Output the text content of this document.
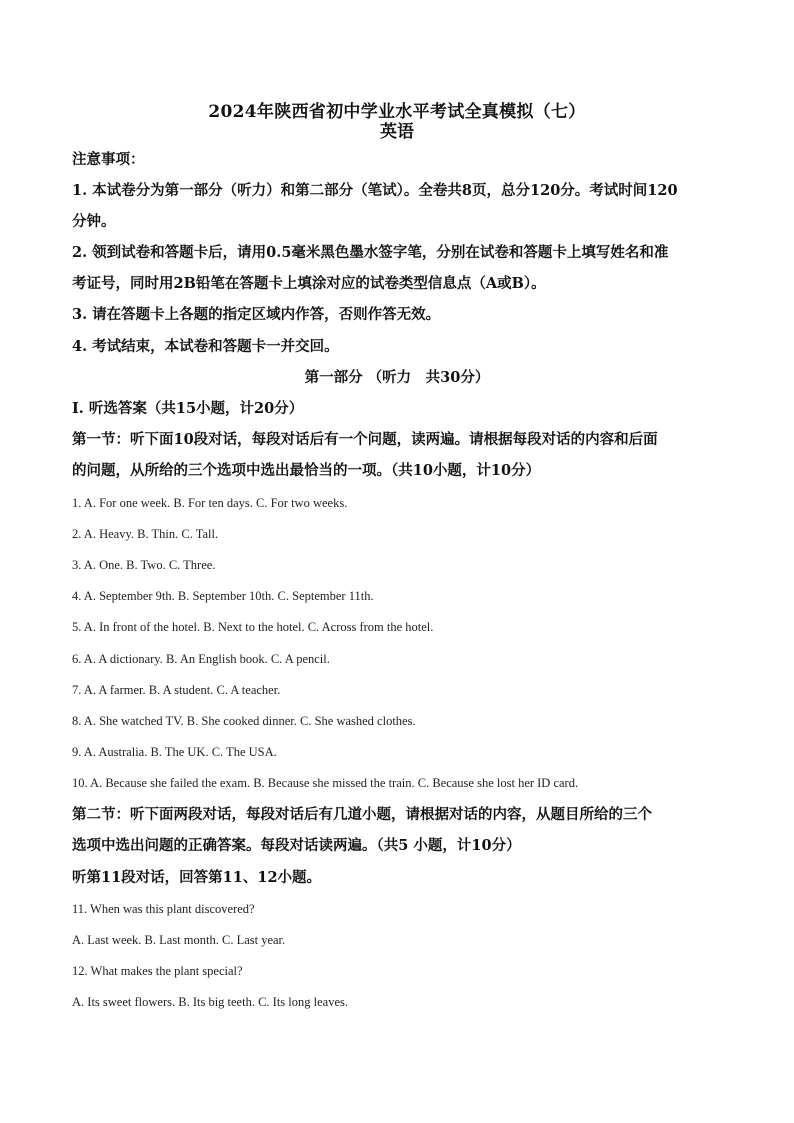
2024年陕西省初中学业水平考试全真模拟（七）
英语
注意事项：
1. 本试卷分为第一部分（听力）和第二部分（笔试）。全卷共8页，总分120分。考试时间120
分钟。
2. 领到试卷和答题卡后，请用0.5毫米黑色墨水签字笔，分别在试卷和答题卡上填写姓名和准
考证号，同时用2B铅笔在答题卡上填涂对应的试卷类型信息点（A或B）。
3. 请在答题卡上各题的指定区域内作答，否则作答无效。
4. 考试结束，本试卷和答题卡一并交回。
第一部分 （听力　共30分）
Ⅰ. 听选答案（共15小题，计20分）
第一节：听下面10段对话，每段对话后有一个问题，读两遍。请根据每段对话的内容和后面
的问题，从所给的三个选项中选出最恰当的一项。（共10小题，计10分）
1. A. For one week. B. For ten days. C. For two weeks.
2. A. Heavy. B. Thin. C. Tall.
3. A. One. B. Two. C. Three.
4. A. September 9th. B. September 10th. C. September 11th.
5. A. In front of the hotel. B. Next to the hotel. C. Across from the hotel.
6. A. A dictionary. B. An English book. C. A pencil.
7. A. A farmer. B. A student. C. A teacher.
8. A. She watched TV. B. She cooked dinner. C. She washed clothes.
9. A. Australia. B. The UK. C. The USA.
10. A. Because she failed the exam. B. Because she missed the train. C. Because she lost her ID card.
第二节：听下面两段对话，每段对话后有几道小题，请根据对话的内容，从题目所给的三个
选项中选出问题的正确答案。每段对话读两遍。（共5 小题，计10分）
听第11段对话，回答第11、12小题。
11. When was this plant discovered?
A. Last week. B. Last month. C. Last year.
12. What makes the plant special?
A. Its sweet flowers. B. Its big teeth. C. Its long leaves.
